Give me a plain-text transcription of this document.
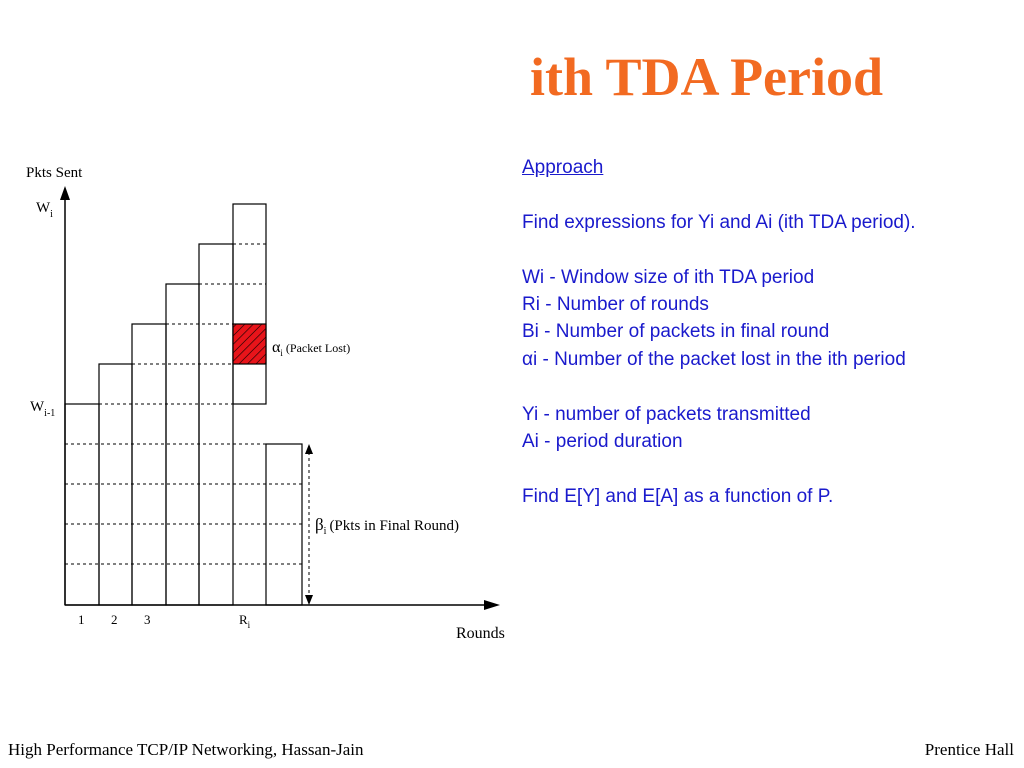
ith TDA Period
Pkts Sent
$W_i$
$W_{i-1}$
$\alpha_i$ (Packet Lost)
$\beta_i$ (Pkts in Final Round)
1 2 3	$R_i$	Rounds

Approach

Find expressions for Yi and Ai (ith TDA period).

Wi - Window size of ith TDA period

Ri - Number of rounds

Bi - Number of packets in final round

αi - Number of the packet lost in the ith period

Yi - number of packets transmitted

Ai - period duration

Find E[Y] and E[A] as a function of P.

High Performance TCP/IP Networking, Hassan-Jain	Prentice Hall
